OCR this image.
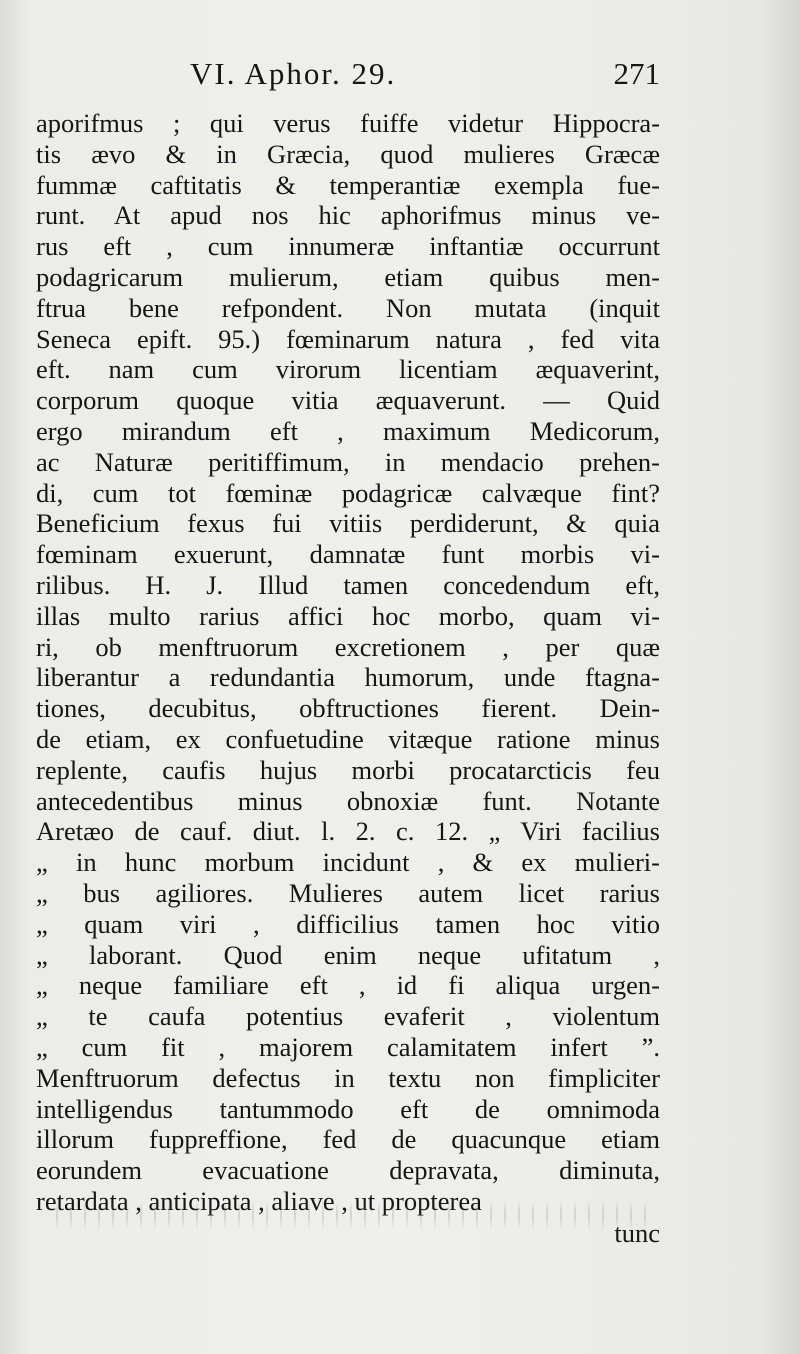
VI. Aphor. 29.	271
aporifmus ; qui verus fuiffe videtur Hippocra-
tis ævo & in Græcia, quod mulieres Græcæ
fummæ caftitatis & temperantiæ exempla fue-
runt. At apud nos hic aphorifmus minus ve-
rus eft , cum innumeræ inftantiæ occurrunt
podagricarum mulierum, etiam quibus men-
ftrua bene refpondent. Non mutata (inquit
Seneca epift. 95.) fœminarum natura , fed vita
eft. nam cum virorum licentiam æquaverint,
corporum quoque vitia æquaverunt. — Quid
ergo mirandum eft , maximum Medicorum,
ac Naturæ peritiffimum, in mendacio prehen-
di, cum tot fœminæ podagricæ calvæque fint?
Beneficium fexus fui vitiis perdiderunt, & quia
fœminam exuerunt, damnatæ funt morbis vi-
rilibus. H. J. Illud tamen concedendum eft,
illas multo rarius affici hoc morbo, quam vi-
ri, ob menftruorum excretionem , per quæ
liberantur a redundantia humorum, unde ftagna-
tiones, decubitus, obftructiones fierent. Dein-
de etiam, ex confuetudine vitæque ratione minus
replente, caufis hujus morbi procatarcticis feu
antecedentibus minus obnoxiæ funt. Notante
Aretæo de cauf. diut. l. 2. c. 12. „ Viri facilius
„ in hunc morbum incidunt , & ex mulieri-
„ bus agiliores. Mulieres autem licet rarius
„ quam viri , difficilius tamen hoc vitio
„ laborant. Quod enim neque ufitatum ,
„ neque familiare eft , id fi aliqua urgen-
„ te caufa potentius evaferit , violentum
„ cum fit , majorem calamitatem infert ”.
Menftruorum defectus in textu non fimpliciter
intelligendus tantummodo eft de omnimoda
illorum fuppreffione, fed de quacunque etiam
eorundem evacuatione depravata, diminuta,
retardata , anticipata , aliave , ut propterea
tunc
